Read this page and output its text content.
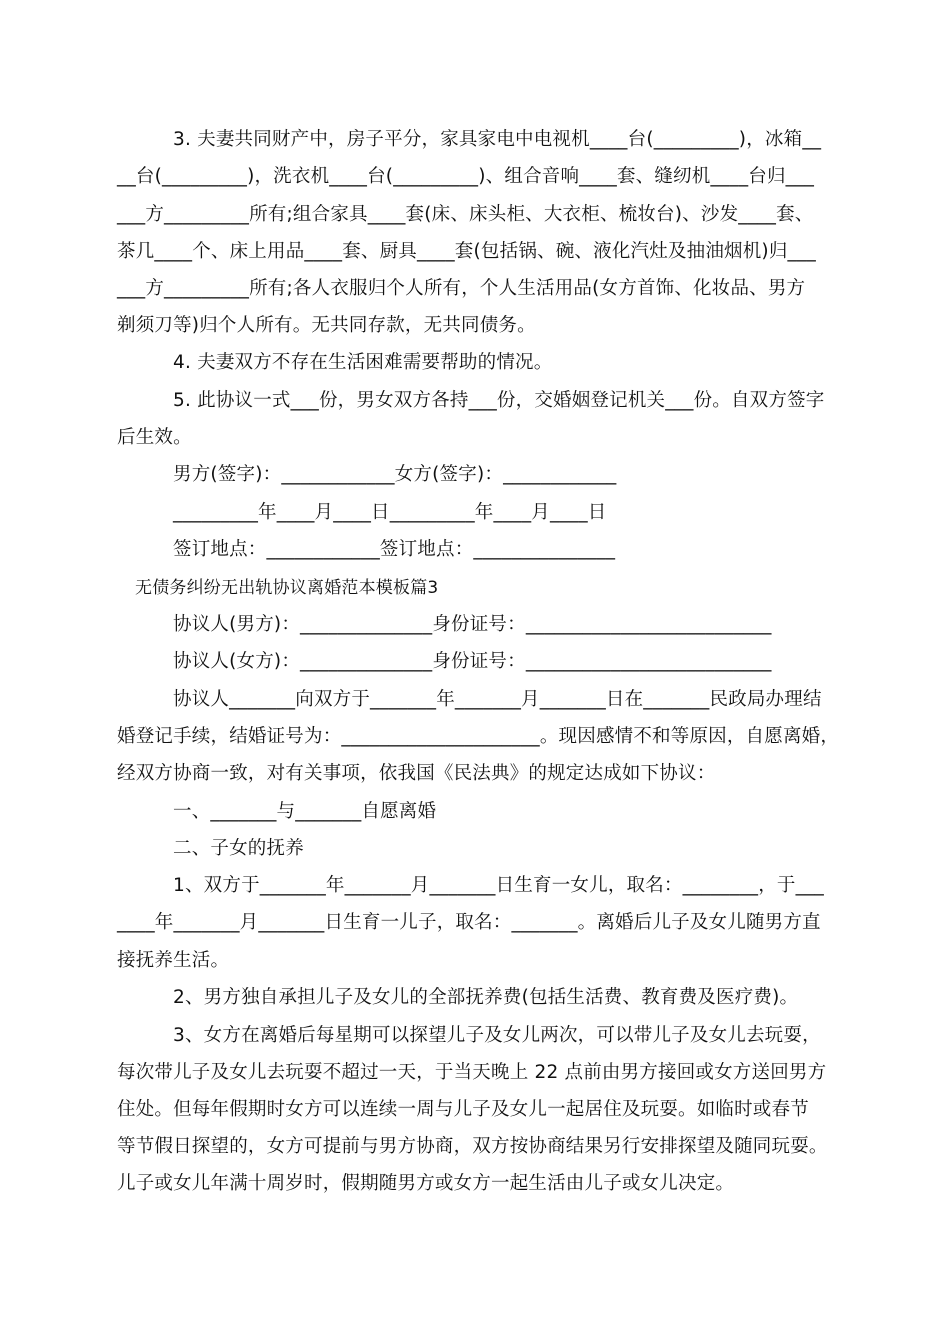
3. 夫妻共同财产中，房子平分，家具家电中电视机____台(_________)，冰箱__
__台(_________)，洗衣机____台(_________)、组合音响____套、缝纫机____台归___
___方_________所有;组合家具____套(床、床头柜、大衣柜、梳妆台)、沙发____套、
茶几____个、床上用品____套、厨具____套(包括锅、碗、液化汽灶及抽油烟机)归___
___方_________所有;各人衣服归个人所有，个人生活用品(女方首饰、化妆品、男方
剃须刀等)归个人所有。无共同存款，无共同债务。
4. 夫妻双方不存在生活困难需要帮助的情况。
5. 此协议一式___份，男女双方各持___份，交婚姻登记机关___份。自双方签字
后生效。
男方(签字)：____________女方(签字)：____________
_________年____月____日_________年____月____日
签订地点：____________签订地点：_______________
无债务纠纷无出轨协议离婚范本模板篇3
协议人(男方)：______________身份证号：__________________________
协议人(女方)：______________身份证号：__________________________
协议人_______向双方于_______年_______月_______日在_______民政局办理结
婚登记手续，结婚证号为：_____________________。现因感情不和等原因，自愿离婚，
经双方协商一致，对有关事项，依我国《民法典》的规定达成如下协议：
一、_______与_______自愿离婚
二、子女的抚养
1、双方于_______年_______月_______日生育一女儿，取名：________，于___
____年_______月_______日生育一儿子，取名：_______。离婚后儿子及女儿随男方直
接抚养生活。
2、男方独自承担儿子及女儿的全部抚养费(包括生活费、教育费及医疗费)。
3、女方在离婚后每星期可以探望儿子及女儿两次，可以带儿子及女儿去玩耍，
每次带儿子及女儿去玩耍不超过一天，于当天晚上 22 点前由男方接回或女方送回男方
住处。但每年假期时女方可以连续一周与儿子及女儿一起居住及玩耍。如临时或春节
等节假日探望的，女方可提前与男方协商，双方按协商结果另行安排探望及随同玩耍。
儿子或女儿年满十周岁时，假期随男方或女方一起生活由儿子或女儿决定。
